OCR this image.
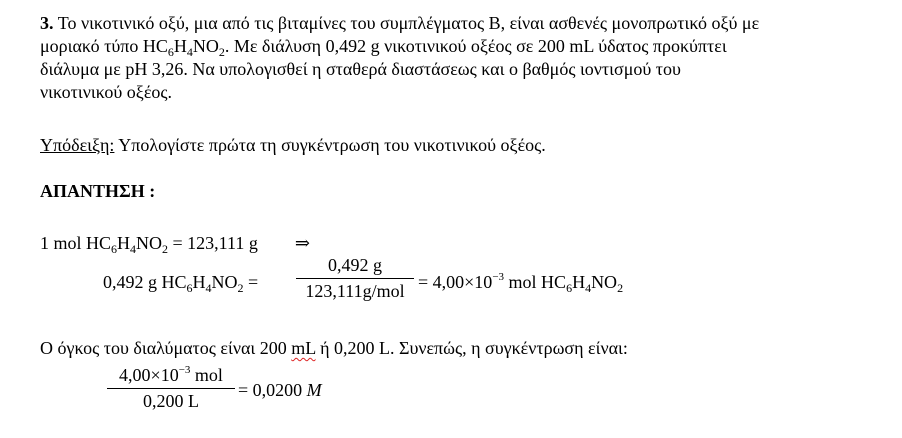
3. Το νικοτινικό οξύ, μια από τις βιταμίνες του συμπλέγματος Β, είναι ασθενές μονοπρωτικό οξύ με
μοριακό τύπο $HC_6H_4NO_2$. Με διάλυση 0,492 g νικοτινικού οξέος σε 200 mL ύδατος προκύπτει
διάλυμα με pH 3,26. Να υπολογισθεί η σταθερά διαστάσεως και ο βαθμός ιοντισμού του
νικοτινικού οξέος.
Υπόδειξη: Υπολογίστε πρώτα τη συγκέντρωση του νικοτινικού οξέος.
ΑΠΑΝΤΗΣΗ :
1 mol $HC_6H_4NO_2 = 123,111$ g ⇒
0,492 g $HC_6H_4NO_2$ =
0,492 g
$123,111g/mol = 4,00\times 10^{-3}$ mol $HC_6H_4NO_2$
Ο όγκος του διαλύματος είναι 200 mL ή 0,200 L. Συνεπώς, η συγκέντρωση είναι:
$4,00\times 10^{-3}$ mol
0,200 L
= 0,0200 M
